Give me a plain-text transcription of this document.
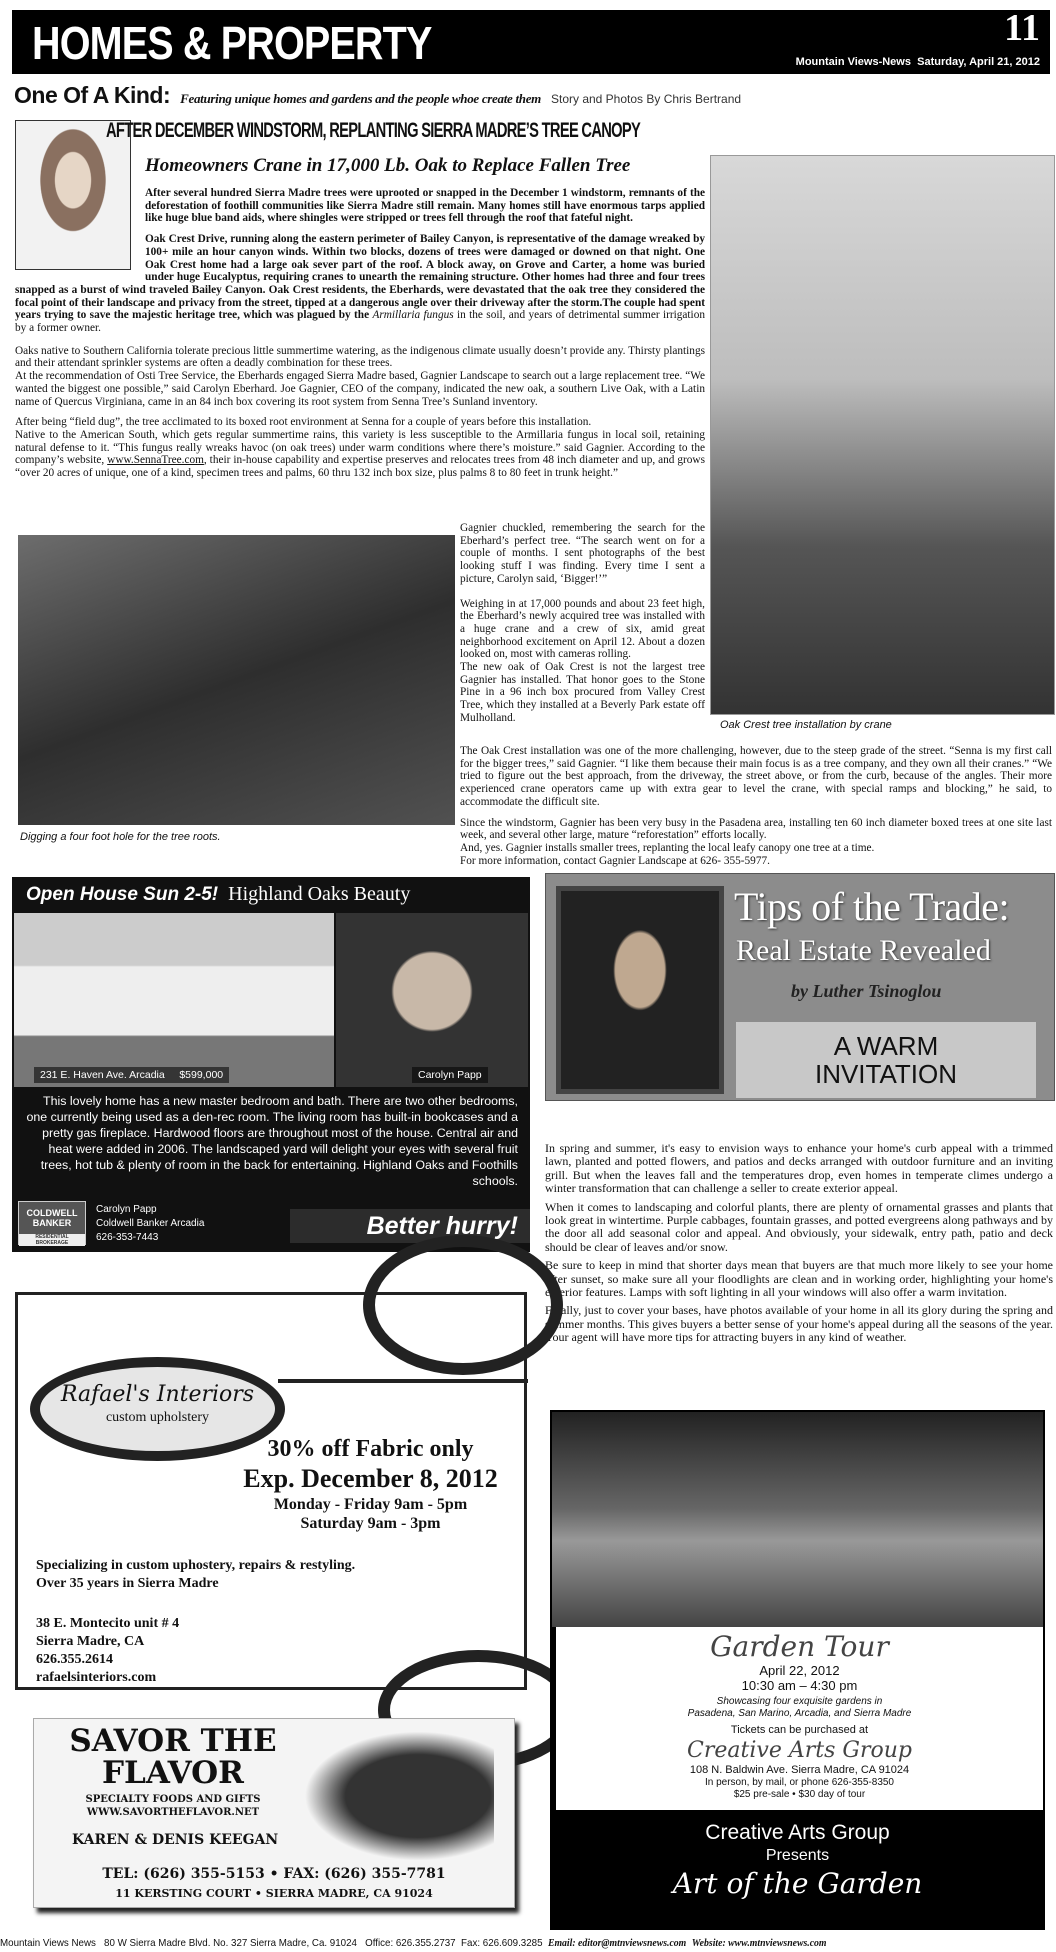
HOMES & PROPERTY	11
Mountain Views-News Saturday, April 21, 2012
One Of A Kind: Featuring unique homes and gardens and the people whoe create them Story and Photos By Chris Bertrand
AFTER DECEMBER WINDSTORM, REPLANTING SIERRA MADRE’S TREE CANOPY
Homeowners Crane in 17,000 Lb. Oak to Replace Fallen Tree

After several hundred Sierra Madre trees were uprooted or snapped in the December 1 windstorm, remnants of the deforestation of foothill communities like Sierra Madre still remain. Many homes still have enormous tarps applied like huge blue band aids, where shingles were stripped or trees fell through the roof that fateful night.

Oak Crest Drive, running along the eastern perimeter of Bailey Canyon, is representative of the damage wreaked by 100+ mile an hour canyon winds. Within two blocks, dozens of trees were damaged or downed on that night. One Oak Crest home had a large oak sever part of the roof. A block away, on Grove and Carter, a home was buried under huge Eucalyptus, requiring cranes to unearth the remaining structure. Other homes had three and four trees snapped as a burst of wind traveled Bailey Canyon. Oak Crest residents, the Eberhards, were devastated that the oak tree they considered the focal point of their landscape and privacy from the street, tipped at a dangerous angle over their driveway after the storm.The couple had spent years trying to save the majestic heritage tree, which was plagued by the Armillaria fungus in the soil, and years of detrimental summer irrigation by a former owner.

Oaks native to Southern California tolerate precious little summertime watering, as the indigenous climate usually doesn’t provide any. Thirsty plantings and their attendant sprinkler systems are often a deadly combination for these trees.

At the recommendation of Osti Tree Service, the Eberhards engaged Sierra Madre based, Gagnier Landscape to search out a large replacement tree. “We wanted the biggest one possible,” said Carolyn Eberhard. Joe Gagnier, CEO of the company, indicated the new oak, a southern Live Oak, with a Latin name of Quercus Virginiana, came in an 84 inch box covering its root system from Senna Tree’s Sunland inventory.

After being “field dug”, the tree acclimated to its boxed root environment at Senna for a couple of years before this installation.

Native to the American South, which gets regular summertime rains, this variety is less susceptible to the Armillaria fungus in local soil, retaining natural defense to it. “This fungus really wreaks havoc (on oak trees) under warm conditions where there’s moisture.” said Gagnier. According to the company’s website, www.SennaTree.com, their in-house capability and expertise preserves and relocates trees from 48 inch diameter and up, and grows “over 20 acres of unique, one of a kind, specimen trees and palms, 60 thru 132 inch box size, plus palms 8 to 80 feet in trunk height.”

Oak Crest tree installation by crane
Digging a four foot hole for the tree roots.

Gagnier chuckled, remembering the search for the Eberhard’s perfect tree. “The search went on for a couple of months. I sent photographs of the best looking stuff I was finding. Every time I sent a picture, Carolyn said, ‘Bigger!’”

Weighing in at 17,000 pounds and about 23 feet high, the Eberhard’s newly acquired tree was installed with a huge crane and a crew of six, amid great neighborhood excitement on April 12. About a dozen looked on, most with cameras rolling.

The new oak of Oak Crest is not the largest tree Gagnier has installed. That honor goes to the Stone Pine in a 96 inch box procured from Valley Crest Tree, which they installed at a Beverly Park estate off Mulholland.

The Oak Crest installation was one of the more challenging, however, due to the steep grade of the street. “Senna is my first call for the bigger trees,” said Gagnier. “I like them because their main focus is as a tree company, and they own all their cranes.” “We tried to figure out the best approach, from the driveway, the street above, or from the curb, because of the angles. Their more experienced crane operators came up with extra gear to level the crane, with special ramps and blocking,” he said, to accommodate the difficult site.

Since the windstorm, Gagnier has been very busy in the Pasadena area, installing ten 60 inch diameter boxed trees at one site last week, and several other large, mature “reforestation” efforts locally.

And, yes. Gagnier installs smaller trees, replanting the local leafy canopy one tree at a time.

For more information, contact Gagnier Landscape at 626- 355-5977.

Open House Sun 2-5! Highland Oaks Beauty
231 E. Haven Ave. Arcadia $599,000	Carolyn Papp
This lovely home has a new master bedroom and bath. There are two other bedrooms, one currently being used as a den-rec room. The living room has built-in bookcases and a pretty gas fireplace. Hardwood floors are throughout most of the house. Central air and heat were added in 2006. The landscaped yard will delight your eyes with several fruit trees, hot tub & plenty of room in the back for entertaining. Highland Oaks and Foothills schools.
COLDWELL BANKER
RESIDENTIAL BROKERAGE
Carolyn Papp
Coldwell Banker Arcadia
626-353-7443	Better hurry!
Tips of the Trade:
Real Estate Revealed
by Luther Tsinoglou
A WARM INVITATION

In spring and summer, it's easy to envision ways to enhance your home's curb appeal with a trimmed lawn, planted and potted flowers, and patios and decks arranged with outdoor furniture and an inviting grill. But when the leaves fall and the temperatures drop, even homes in temperate climes undergo a winter transformation that can challenge a seller to create exterior appeal.

When it comes to landscaping and colorful plants, there are plenty of ornamental grasses and plants that look great in wintertime. Purple cabbages, fountain grasses, and potted evergreens along pathways and by the door all add seasonal color and appeal. And obviously, your sidewalk, entry path, patio and deck should be clear of leaves and/or snow.

Be sure to keep in mind that shorter days mean that buyers are that much more likely to see your home after sunset, so make sure all your floodlights are clean and in working order, highlighting your home's exterior features. Lamps with soft lighting in all your windows will also offer a warm invitation.

Finally, just to cover your bases, have photos available of your home in all its glory during the spring and summer months. This gives buyers a better sense of your home's appeal during all the seasons of the year. Your agent will have more tips for attracting buyers in any kind of weather.

Rafael's Interiors
custom upholstery
30% off Fabric only
Exp. December 8, 2012
Monday - Friday 9am - 5pm
Saturday 9am - 3pm
Specializing in custom uphostery, repairs & restyling.
Over 35 years in Sierra Madre
38 E. Montecito unit # 4
Sierra Madre, CA
626.355.2614
rafaelsinteriors.com
SAVOR THE
FLAVOR
SPECIALTY FOODS AND GIFTS
WWW.SAVORTHEFLAVOR.NET
KAREN & DENIS KEEGAN
TEL: (626) 355-5153 • FAX: (626) 355-7781
11 KERSTING COURT • SIERRA MADRE, CA 91024
Garden Tour
April 22, 2012
10:30 am – 4:30 pm
Showcasing four exquisite gardens in
Pasadena, San Marino, Arcadia, and Sierra Madre
Tickets can be purchased at
Creative Arts Group
108 N. Baldwin Ave. Sierra Madre, CA 91024
In person, by mail, or phone 626-355-8350
$25 pre-sale • $30 day of tour
Creative Arts Group
Presents
Art of the Garden
Mountain Views News 80 W Sierra Madre Blvd. No. 327 Sierra Madre, Ca. 91024 Office: 626.355.2737 Fax: 626.609.3285 Email: editor@mtnviewsnews.com Website: www.mtnviewsnews.com
